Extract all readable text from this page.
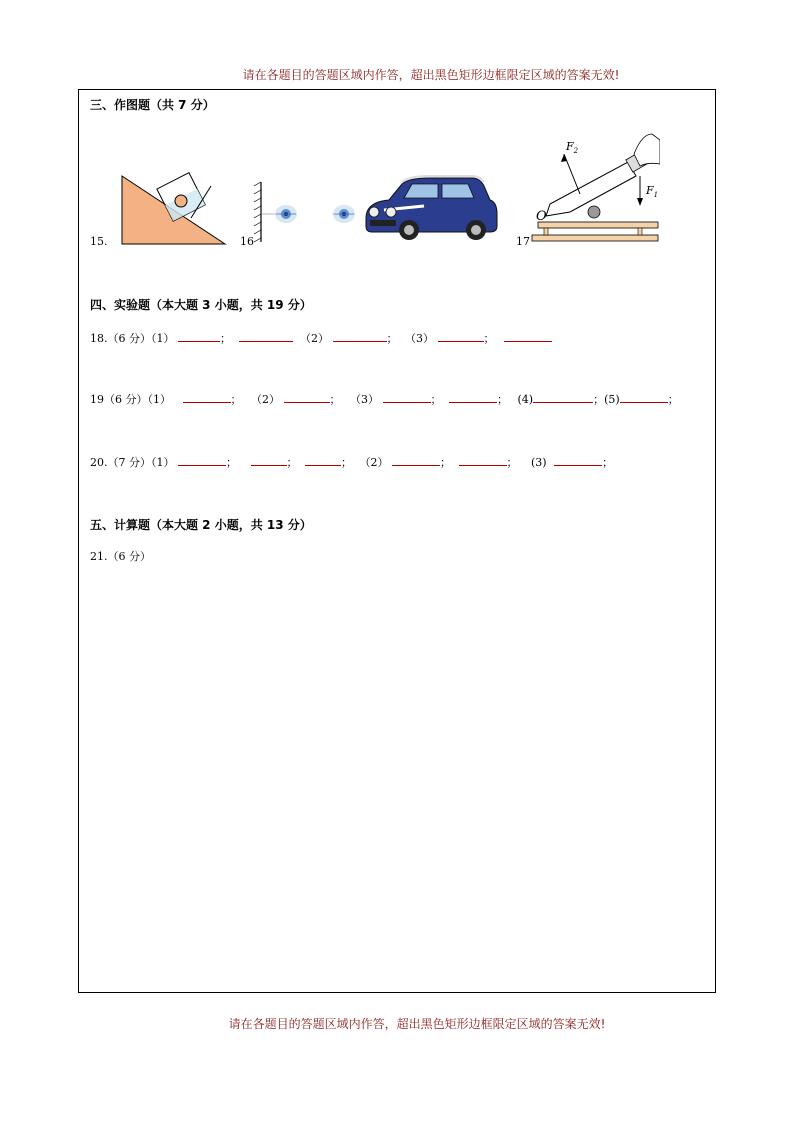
请在各题目的答题区域内作答，超出黑色矩形边框限定区域的答案无效!
三、作图题（共 7 分）
15.	16	17
$F_2$
$F_1$
O
四、实验题（本大题 3 小题，共 19 分）
18.（6 分）（1）	；	（2）	； （3）	；
19（6 分）（1）	； （2）	； （3）	；	； (4)	；(5)	；
20.（7 分）（1）	；	；	； （2）	；	； (3)	；
五、计算题（本大题 2 小题，共 13 分）
21.（6 分）
请在各题目的答题区域内作答，超出黑色矩形边框限定区域的答案无效!
